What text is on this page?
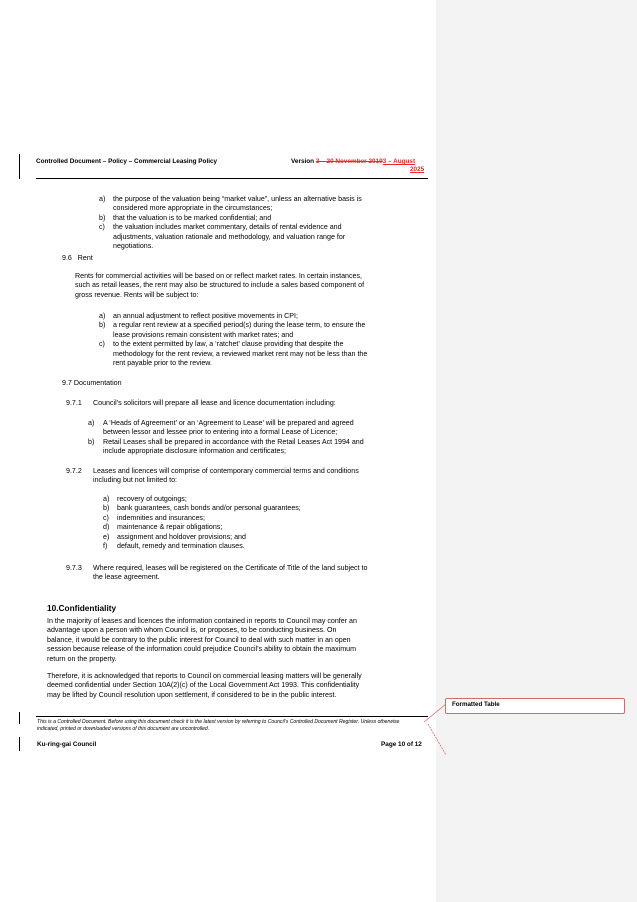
Controlled Document – Policy – Commercial Leasing Policy	Version 3 – 20 November 20193 – August
2025
a) the purpose of the valuation being “market value”, unless an alternative basis is
considered more appropriate in the circumstances;
b) that the valuation is to be marked confidential; and
c) the valuation includes market commentary, details of rental evidence and
adjustments, valuation rationale and methodology, and valuation range for
negotiations.
9.6   Rent
Rents for commercial activities will be based on or reflect market rates. In certain instances,
such as retail leases, the rent may also be structured to include a sales based component of
gross revenue. Rents will be subject to:
a) an annual adjustment to reflect positive movements in CPI;
b) a regular rent review at a specified period(s) during the lease term, to ensure the
lease provisions remain consistent with market rates; and
c) to the extent permitted by law, a ‘ratchet’ clause providing that despite the
methodology for the rent review, a reviewed market rent may not be less than the
rent payable prior to the review.
9.7 Documentation
9.7.1 Council’s solicitors will prepare all lease and licence documentation including:
a) A ‘Heads of Agreement’ or an ‘Agreement to Lease’ will be prepared and agreed
between lessor and lessee prior to entering into a formal Lease of Licence;
b) Retail Leases shall be prepared in accordance with the Retail Leases Act 1994 and
include appropriate disclosure information and certificates;
9.7.2 Leases and licences will comprise of contemporary commercial terms and conditions
including but not limited to:
a) recovery of outgoings;
b) bank guarantees, cash bonds and/or personal guarantees;
c) indemnities and insurances;
d) maintenance & repair obligations;
e) assignment and holdover provisions; and
f) default, remedy and termination clauses.
9.7.3 Where required, leases will be registered on the Certificate of Title of the land subject to
the lease agreement.
10.Confidentiality
In the majority of leases and licences the information contained in reports to Council may confer an
advantage upon a person with whom Council is, or proposes, to be conducting business. On
balance, it would be contrary to the public interest for Council to deal with such matter in an open
session because release of the information could prejudice Council’s ability to obtain the maximum
return on the property.
Therefore, it is acknowledged that reports to Council on commercial leasing matters will be generally
deemed confidential under Section 10A(2)(c) of the Local Government Act 1993. This confidentiality
may be lifted by Council resolution upon settlement, if considered to be in the public interest.
This is a Controlled Document. Before using this document check it is the latest version by referring to Council’s Controlled Document Register. Unless otherwise
indicated, printed or downloaded versions of this document are uncontrolled.
Ku-ring-gai Council	Page 10 of 12
Formatted Table
